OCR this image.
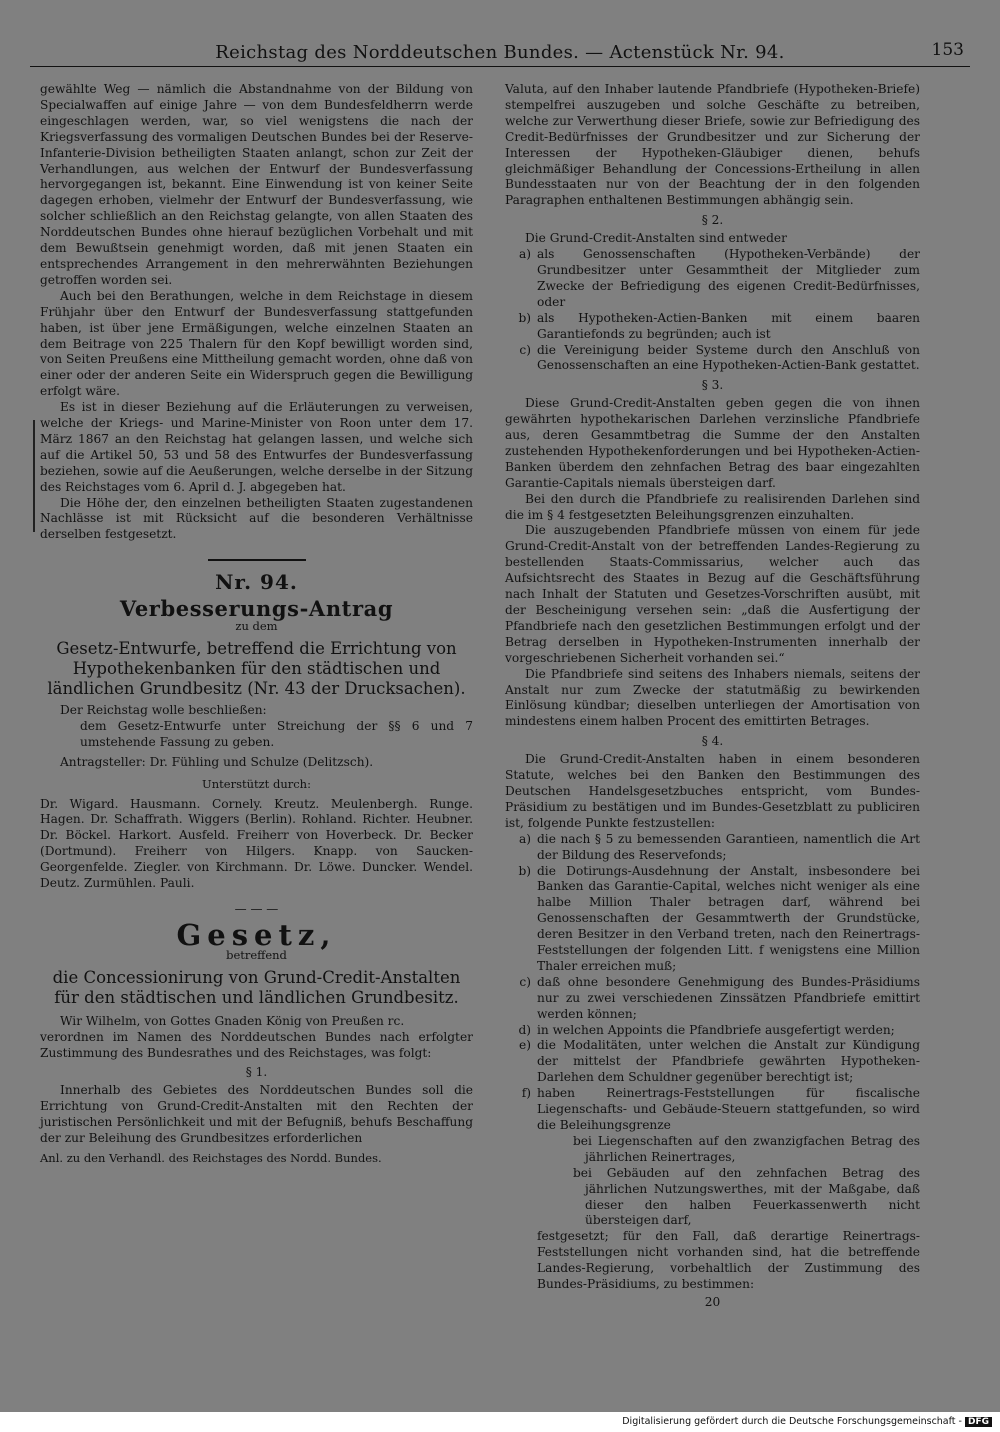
Reichstag des Norddeutschen Bundes. — Actenstück Nr. 94.	153

gewählte Weg — nämlich die Abstandnahme von der Bildung von Specialwaffen auf einige Jahre — von dem Bundesfeldherrn werde eingeschlagen werden, war, so viel wenigstens die nach der Kriegsverfassung des vormaligen Deutschen Bundes bei der Reserve-Infanterie-Division betheiligten Staaten anlangt, schon zur Zeit der Verhandlungen, aus welchen der Entwurf der Bundesverfassung hervorgegangen ist, bekannt. Eine Einwendung ist von keiner Seite dagegen erhoben, vielmehr der Entwurf der Bundesverfassung, wie solcher schließlich an den Reichstag gelangte, von allen Staaten des Norddeutschen Bundes ohne hierauf bezüglichen Vorbehalt und mit dem Bewußtsein genehmigt worden, daß mit jenen Staaten ein entsprechendes Arrangement in den mehrerwähnten Beziehungen getroffen worden sei.

Auch bei den Berathungen, welche in dem Reichstage in diesem Frühjahr über den Entwurf der Bundesverfassung stattgefunden haben, ist über jene Ermäßigungen, welche einzelnen Staaten an dem Beitrage von 225 Thalern für den Kopf bewilligt worden sind, von Seiten Preußens eine Mittheilung gemacht worden, ohne daß von einer oder der anderen Seite ein Widerspruch gegen die Bewilligung erfolgt wäre.

Es ist in dieser Beziehung auf die Erläuterungen zu verweisen, welche der Kriegs- und Marine-Minister von Roon unter dem 17. März 1867 an den Reichstag hat gelangen lassen, und welche sich auf die Artikel 50, 53 und 58 des Entwurfes der Bundesverfassung beziehen, sowie auf die Aeußerungen, welche derselbe in der Sitzung des Reichstages vom 6. April d. J. abgegeben hat.

Die Höhe der, den einzelnen betheiligten Staaten zugestandenen Nachlässe ist mit Rücksicht auf die besonderen Verhältnisse derselben festgesetzt.

Nr. 94.
Verbesserungs-Antrag
zu dem
Gesetz-Entwurfe, betreffend die Errichtung von Hypothekenbanken für den städtischen und ländlichen Grundbesitz (Nr. 43 der Drucksachen).

Der Reichstag wolle beschließen:

dem Gesetz-Entwurfe unter Streichung der §§ 6 und 7 umstehende Fassung zu geben.

Antragsteller: Dr. Fühling und Schulze (Delitzsch).

Unterstützt durch:

Dr. Wigard. Hausmann. Cornely. Kreutz. Meulenbergh. Runge. Hagen. Dr. Schaffrath. Wiggers (Berlin). Rohland. Richter. Heubner. Dr. Böckel. Harkort. Ausfeld. Freiherr von Hoverbeck. Dr. Becker (Dortmund). Freiherr von Hilgers. Knapp. von Saucken-Georgenfelde. Ziegler. von Kirchmann. Dr. Löwe. Duncker. Wendel. Deutz. Zurmühlen. Pauli.

— — —
Gesetz,
betreffend
die Concessionirung von Grund-Credit-Anstalten für den städtischen und ländlichen Grundbesitz.

Wir Wilhelm, von Gottes Gnaden König von Preußen rc.

verordnen im Namen des Norddeutschen Bundes nach erfolgter Zustimmung des Bundesrathes und des Reichstages, was folgt:

§ 1.

Innerhalb des Gebietes des Norddeutschen Bundes soll die Errichtung von Grund-Credit-Anstalten mit den Rechten der juristischen Persönlichkeit und mit der Befugniß, behufs Beschaffung der zur Beleihung des Grundbesitzes erforderlichen

Anl. zu den Verhandl. des Reichstages des Nordd. Bundes.

Valuta, auf den Inhaber lautende Pfandbriefe (Hypotheken-Briefe) stempelfrei auszugeben und solche Geschäfte zu betreiben, welche zur Verwerthung dieser Briefe, sowie zur Befriedigung des Credit-Bedürfnisses der Grundbesitzer und zur Sicherung der Interessen der Hypotheken-Gläubiger dienen, behufs gleichmäßiger Behandlung der Concessions-Ertheilung in allen Bundesstaaten nur von der Beachtung der in den folgenden Paragraphen enthaltenen Bestimmungen abhängig sein.

§ 2.

Die Grund-Credit-Anstalten sind entweder

a) als Genossenschaften (Hypotheken-Verbände) der Grundbesitzer unter Gesammtheit der Mitglieder zum Zwecke der Befriedigung des eigenen Credit-Bedürfnisses, oder
b) als Hypotheken-Actien-Banken mit einem baaren Garantiefonds zu begründen; auch ist
c) die Vereinigung beider Systeme durch den Anschluß von Genossenschaften an eine Hypotheken-Actien-Bank gestattet.
§ 3.

Diese Grund-Credit-Anstalten geben gegen die von ihnen gewährten hypothekarischen Darlehen verzinsliche Pfandbriefe aus, deren Gesammtbetrag die Summe der den Anstalten zustehenden Hypothekenforderungen und bei Hypotheken-Actien-Banken überdem den zehnfachen Betrag des baar eingezahlten Garantie-Capitals niemals übersteigen darf.

Bei den durch die Pfandbriefe zu realisirenden Darlehen sind die im § 4 festgesetzten Beleihungsgrenzen einzuhalten.

Die auszugebenden Pfandbriefe müssen von einem für jede Grund-Credit-Anstalt von der betreffenden Landes-Regierung zu bestellenden Staats-Commissarius, welcher auch das Aufsichtsrecht des Staates in Bezug auf die Geschäftsführung nach Inhalt der Statuten und Gesetzes-Vorschriften ausübt, mit der Bescheinigung versehen sein: „daß die Ausfertigung der Pfandbriefe nach den gesetzlichen Bestimmungen erfolgt und der Betrag derselben in Hypotheken-Instrumenten innerhalb der vorgeschriebenen Sicherheit vorhanden sei.“

Die Pfandbriefe sind seitens des Inhabers niemals, seitens der Anstalt nur zum Zwecke der statutmäßig zu bewirkenden Einlösung kündbar; dieselben unterliegen der Amortisation von mindestens einem halben Procent des emittirten Betrages.

§ 4.

Die Grund-Credit-Anstalten haben in einem besonderen Statute, welches bei den Banken den Bestimmungen des Deutschen Handelsgesetzbuches entspricht, vom Bundes-Präsidium zu bestätigen und im Bundes-Gesetzblatt zu publiciren ist, folgende Punkte festzustellen:

a) die nach § 5 zu bemessenden Garantieen, namentlich die Art der Bildung des Reservefonds;
b) die Dotirungs-Ausdehnung der Anstalt, insbesondere bei Banken das Garantie-Capital, welches nicht weniger als eine halbe Million Thaler betragen darf, während bei Genossenschaften der Gesammtwerth der Grundstücke, deren Besitzer in den Verband treten, nach den Reinertrags-Feststellungen der folgenden Litt. f wenigstens eine Million Thaler erreichen muß;
c) daß ohne besondere Genehmigung des Bundes-Präsidiums nur zu zwei verschiedenen Zinssätzen Pfandbriefe emittirt werden können;
d) in welchen Appoints die Pfandbriefe ausgefertigt werden;
e) die Modalitäten, unter welchen die Anstalt zur Kündigung der mittelst der Pfandbriefe gewährten Hypotheken-Darlehen dem Schuldner gegenüber berechtigt ist;
f) haben Reinertrags-Feststellungen für fiscalische Liegenschafts- und Gebäude-Steuern stattgefunden, so wird die Beleihungsgrenze

bei Liegenschaften auf den zwanzigfachen Betrag des jährlichen Reinertrages,

bei Gebäuden auf den zehnfachen Betrag des jährlichen Nutzungswerthes, mit der Maßgabe, daß dieser den halben Feuerkassenwerth nicht übersteigen darf,

festgesetzt; für den Fall, daß derartige Reinertrags-Feststellungen nicht vorhanden sind, hat die betreffende Landes-Regierung, vorbehaltlich der Zustimmung des Bundes-Präsidiums, zu bestimmen:

20
Digitalisierung gefördert durch die Deutsche Forschungsgemeinschaft - DFG
